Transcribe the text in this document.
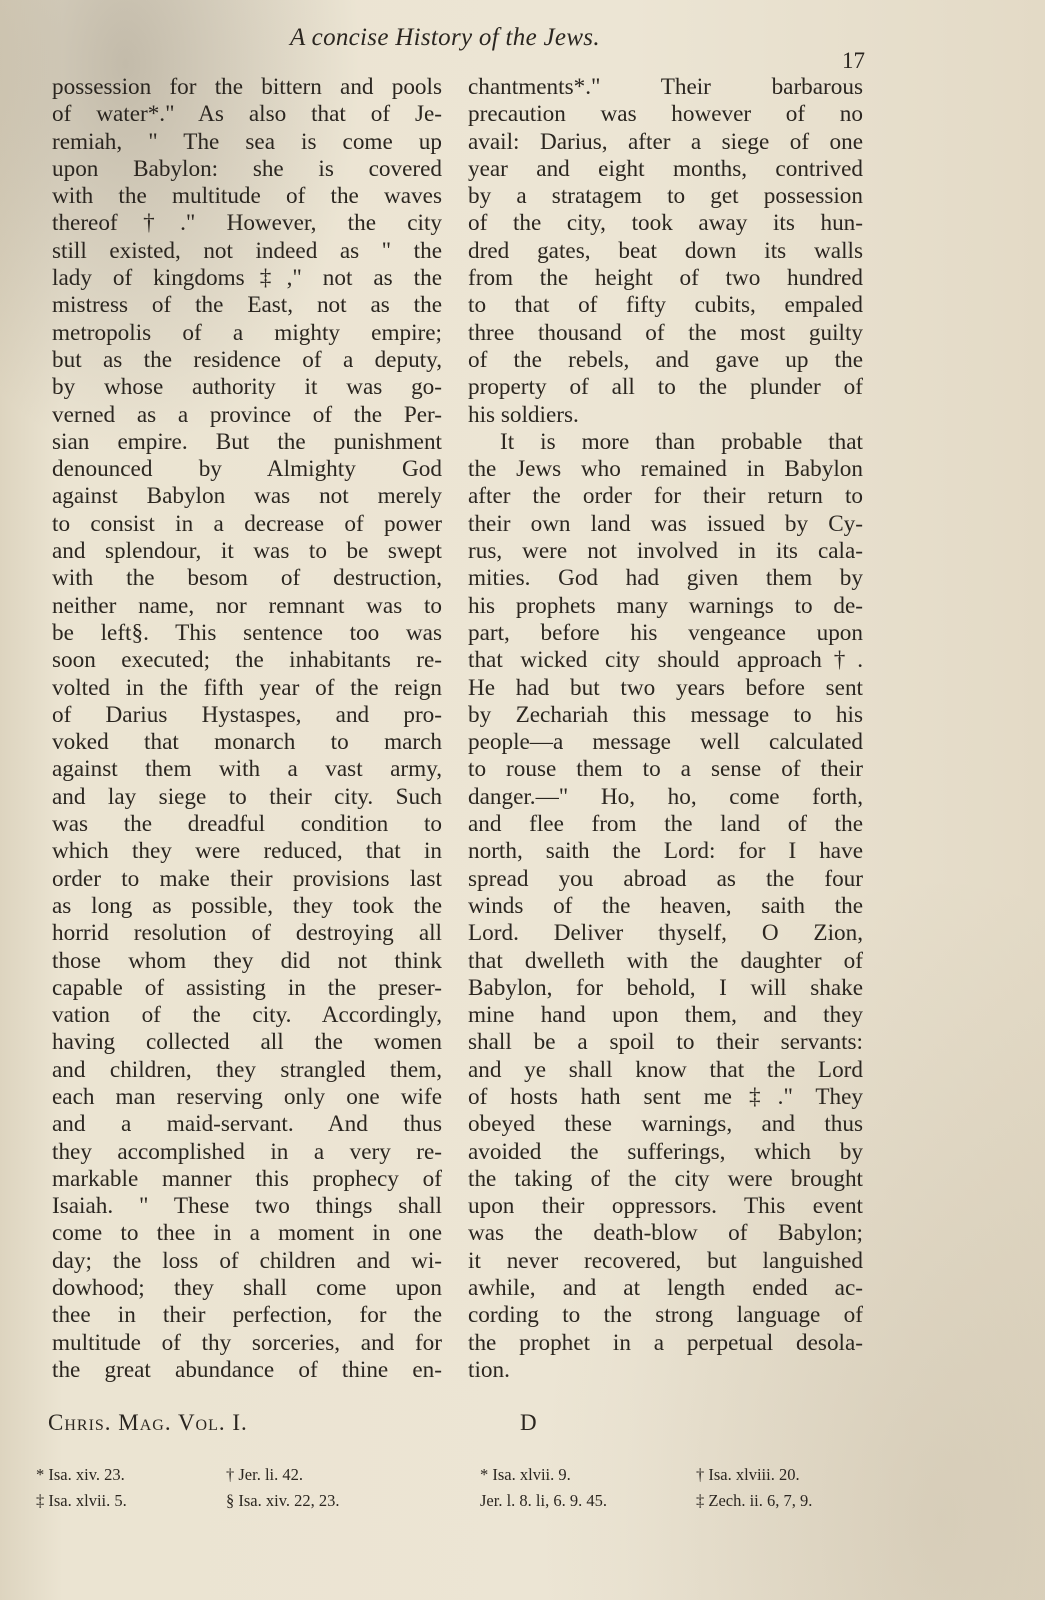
A concise History of the Jews.
17
possession for the bittern and pools
of water*." As also that of Je-
remiah, " The sea is come up
upon Babylon: she is covered
with the multitude of the waves
thereof†." However, the city
still existed, not indeed as " the
lady of kingdoms‡," not as the
mistress of the East, not as the
metropolis of a mighty empire;
but as the residence of a deputy,
by whose authority it was go-
verned as a province of the Per-
sian empire. But the punishment
denounced by Almighty God
against Babylon was not merely
to consist in a decrease of power
and splendour, it was to be swept
with the besom of destruction,
neither name, nor remnant was to
be left§. This sentence too was
soon executed; the inhabitants re-
volted in the fifth year of the reign
of Darius Hystaspes, and pro-
voked that monarch to march
against them with a vast army,
and lay siege to their city. Such
was the dreadful condition to
which they were reduced, that in
order to make their provisions last
as long as possible, they took the
horrid resolution of destroying all
those whom they did not think
capable of assisting in the preser-
vation of the city. Accordingly,
having collected all the women
and children, they strangled them,
each man reserving only one wife
and a maid-servant. And thus
they accomplished in a very re-
markable manner this prophecy of
Isaiah. " These two things shall
come to thee in a moment in one
day; the loss of children and wi-
dowhood; they shall come upon
thee in their perfection, for the
multitude of thy sorceries, and for
the great abundance of thine en-
chantments*." Their barbarous
precaution was however of no
avail: Darius, after a siege of one
year and eight months, contrived
by a stratagem to get possession
of the city, took away its hun-
dred gates, beat down its walls
from the height of two hundred
to that of fifty cubits, empaled
three thousand of the most guilty
of the rebels, and gave up the
property of all to the plunder of
his soldiers.
It is more than probable that
the Jews who remained in Babylon
after the order for their return to
their own land was issued by Cy-
rus, were not involved in its cala-
mities. God had given them by
his prophets many warnings to de-
part, before his vengeance upon
that wicked city should approach†.
He had but two years before sent
by Zechariah this message to his
people—a message well calculated
to rouse them to a sense of their
danger.—" Ho, ho, come forth,
and flee from the land of the
north, saith the Lord: for I have
spread you abroad as the four
winds of the heaven, saith the
Lord. Deliver thyself, O Zion,
that dwelleth with the daughter of
Babylon, for behold, I will shake
mine hand upon them, and they
shall be a spoil to their servants:
and ye shall know that the Lord
of hosts hath sent me‡." They
obeyed these warnings, and thus
avoided the sufferings, which by
the taking of the city were brought
upon their oppressors. This event
was the death-blow of Babylon;
it never recovered, but languished
awhile, and at length ended ac-
cording to the strong language of
the prophet in a perpetual desola-
tion.
Chris. Mag. Vol. I.	D
* Isa. xiv. 23.
‡ Isa. xlvii. 5.
† Jer. li. 42.
§ Isa. xiv. 22, 23.
* Isa. xlvii. 9.
Jer. l. 8. li, 6. 9. 45.
† Isa. xlviii. 20.
‡ Zech. ii. 6, 7, 9.
